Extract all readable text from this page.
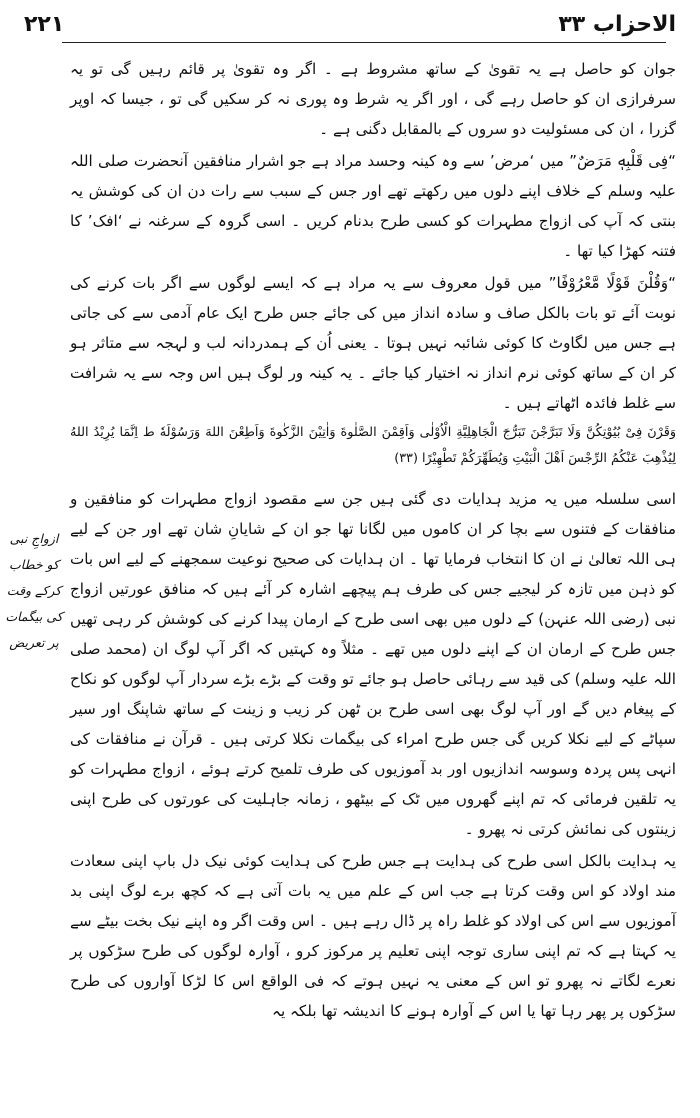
۲۲۱	الاحزاب ۳۳

جوان کو حاصل ہے یہ تقویٰ کے ساتھ مشروط ہے ۔ اگر وہ تقویٰ پر قائم رہیں گی تو یہ سرفرازی ان کو حاصل رہے گی ، اور اگر یہ شرط وہ پوری نہ کر سکیں گی تو ، جیسا کہ اوپر گزرا ، ان کی مسئولیت دو سروں کے بالمقابل دگنی ہے ۔

“فِی قَلْبِهٖ مَرَضٌ” میں ‘مرض’ سے وہ کینہ وحسد مراد ہے جو اشرار منافقین آنحضرت صلی اللہ علیہ وسلم کے خلاف اپنے دلوں میں رکھتے تھے اور جس کے سبب سے رات دن ان کی کوشش یہ بنتی کہ آپ کی ازواج مطہرات کو کسی طرح بدنام کریں ۔ اسی گروہ کے سرغنہ نے ‘افک’ کا فتنہ کھڑا کیا تھا ۔

“وَقُلْنَ قَوْلًا مَّعْرُوْفًا” میں قول معروف سے یہ مراد ہے کہ ایسے لوگوں سے اگر بات کرنے کی نوبت آئے تو بات بالکل صاف و سادہ انداز میں کی جائے جس طرح ایک عام آدمی سے کی جاتی ہے جس میں لگاوٹ کا کوئی شائبہ نہیں ہوتا ۔ یعنی اُن کے ہمدردانہ لب و لہجہ سے متاثر ہو کر ان کے ساتھ کوئی نرم انداز نہ اختیار کیا جائے ۔ یہ کینہ ور لوگ ہیں اس وجہ سے یہ شرافت سے غلط فائدہ اٹھاتے ہیں ۔

وَقَرْنَ فِیْ بُیُوْتِکُنَّ وَلَا تَبَرَّجْنَ تَبَرُّجَ الْجَاهِلِیَّةِ الْاُوْلٰی وَاَقِمْنَ الصَّلٰوةَ وَاٰتِیْنَ الزَّکٰوةَ وَاَطِعْنَ اللهَ وَرَسُوْلَهٗ ط اِنَّمَا یُرِیْدُ اللهُ لِیُذْهِبَ عَنْکُمُ الرِّجْسَ اَهْلَ الْبَیْتِ وَیُطَهِّرَکُمْ تَطْهِیْرًا (۳۳)

اسی سلسلہ میں یہ مزید ہدایات دی گئی ہیں جن سے مقصود ازواج مطہرات کو منافقین و منافقات کے فتنوں سے بچا کر ان کاموں میں لگانا تھا جو ان کے شایانِ شان تھے اور جن کے لیے ہی اللہ تعالیٰ نے ان کا انتخاب فرمایا تھا ۔ ان ہدایات کی صحیح نوعیت سمجھنے کے لیے اس بات کو ذہن میں تازہ کر لیجیے جس کی طرف ہم پیچھے اشارہ کر آئے ہیں کہ منافق عورتیں ازواج نبی (رضی اللہ عنہن) کے دلوں میں بھی اسی طرح کے ارمان پیدا کرنے کی کوشش کر رہی تھیں جس طرح کے ارمان ان کے اپنے دلوں میں تھے ۔ مثلاً وہ کہتیں کہ اگر آپ لوگ ان (محمد صلی اللہ علیہ وسلم) کی قید سے رہائی حاصل ہو جائے تو وقت کے بڑے بڑے سردار آپ لوگوں کو نکاح کے پیغام دیں گے اور آپ لوگ بھی اسی طرح بن ٹھن کر زیب و زینت کے ساتھ شاپنگ اور سیر سپاٹے کے لیے نکلا کریں گی جس طرح امراء کی بیگمات نکلا کرتی ہیں ۔ قرآن نے منافقات کی انہی پس پردہ وسوسہ اندازیوں اور بد آموزیوں کی طرف تلمیح کرتے ہوئے ، ازواج مطہرات کو یہ تلقین فرمائی کہ تم اپنے گھروں میں ٹک کے بیٹھو ، زمانہ جاہلیت کی عورتوں کی طرح اپنی زینتوں کی نمائش کرتی نہ پھرو ۔

یہ ہدایت بالکل اسی طرح کی ہدایت ہے جس طرح کی ہدایت کوئی نیک دل باپ اپنی سعادت مند اولاد کو اس وقت کرتا ہے جب اس کے علم میں یہ بات آتی ہے کہ کچھ برے لوگ اپنی بد آموزیوں سے اس کی اولاد کو غلط راہ پر ڈال رہے ہیں ۔ اس وقت اگر وہ اپنے نیک بخت بیٹے سے یہ کہتا ہے کہ تم اپنی ساری توجہ اپنی تعلیم پر مرکوز کرو ، آوارہ لوگوں کی طرح سڑکوں پر نعرے لگاتے نہ پھرو تو اس کے معنی یہ نہیں ہوتے کہ فی الواقع اس کا لڑکا آواروں کی طرح سڑکوں پر پھر رہا تھا یا اس کے آوارہ ہونے کا اندیشہ تھا بلکہ یہ

ازواجِ نبی کو خطاب کرکے وقت کی بیگمات پر تعریض
